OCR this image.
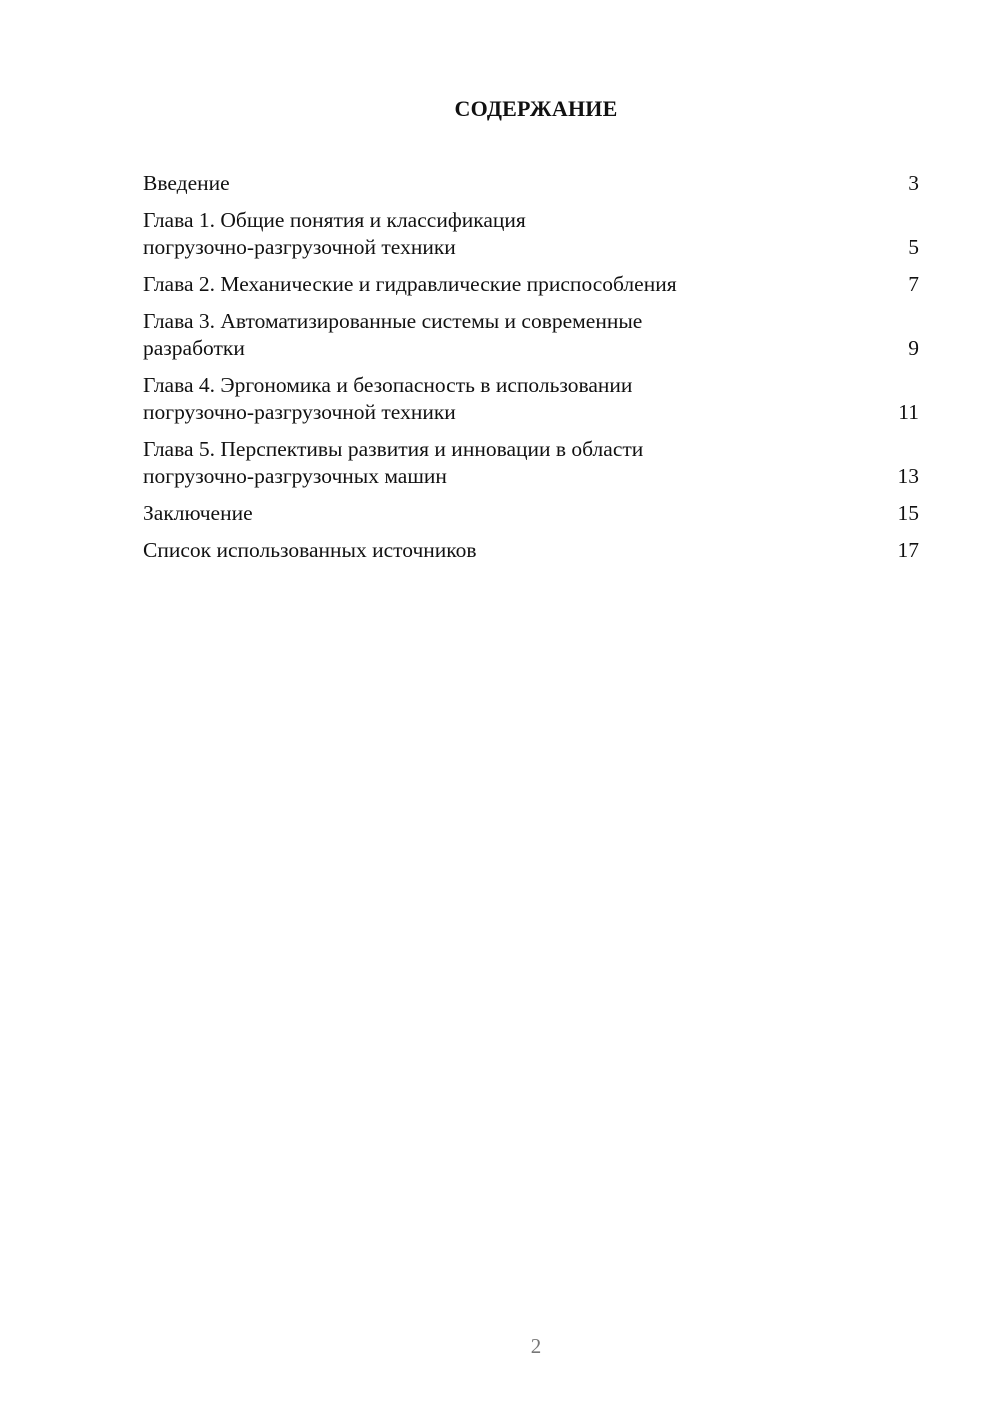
СОДЕРЖАНИЕ
Введение	3
Глава 1. Общие понятия и классификация
погрузочно-разгрузочной техники	5
Глава 2. Механические и гидравлические приспособления	7
Глава 3. Автоматизированные системы и современные
разработки	9
Глава 4. Эргономика и безопасность в использовании
погрузочно-разгрузочной техники	11
Глава 5. Перспективы развития и инновации в области
погрузочно-разгрузочных машин	13
Заключение	15
Список использованных источников	17
2
